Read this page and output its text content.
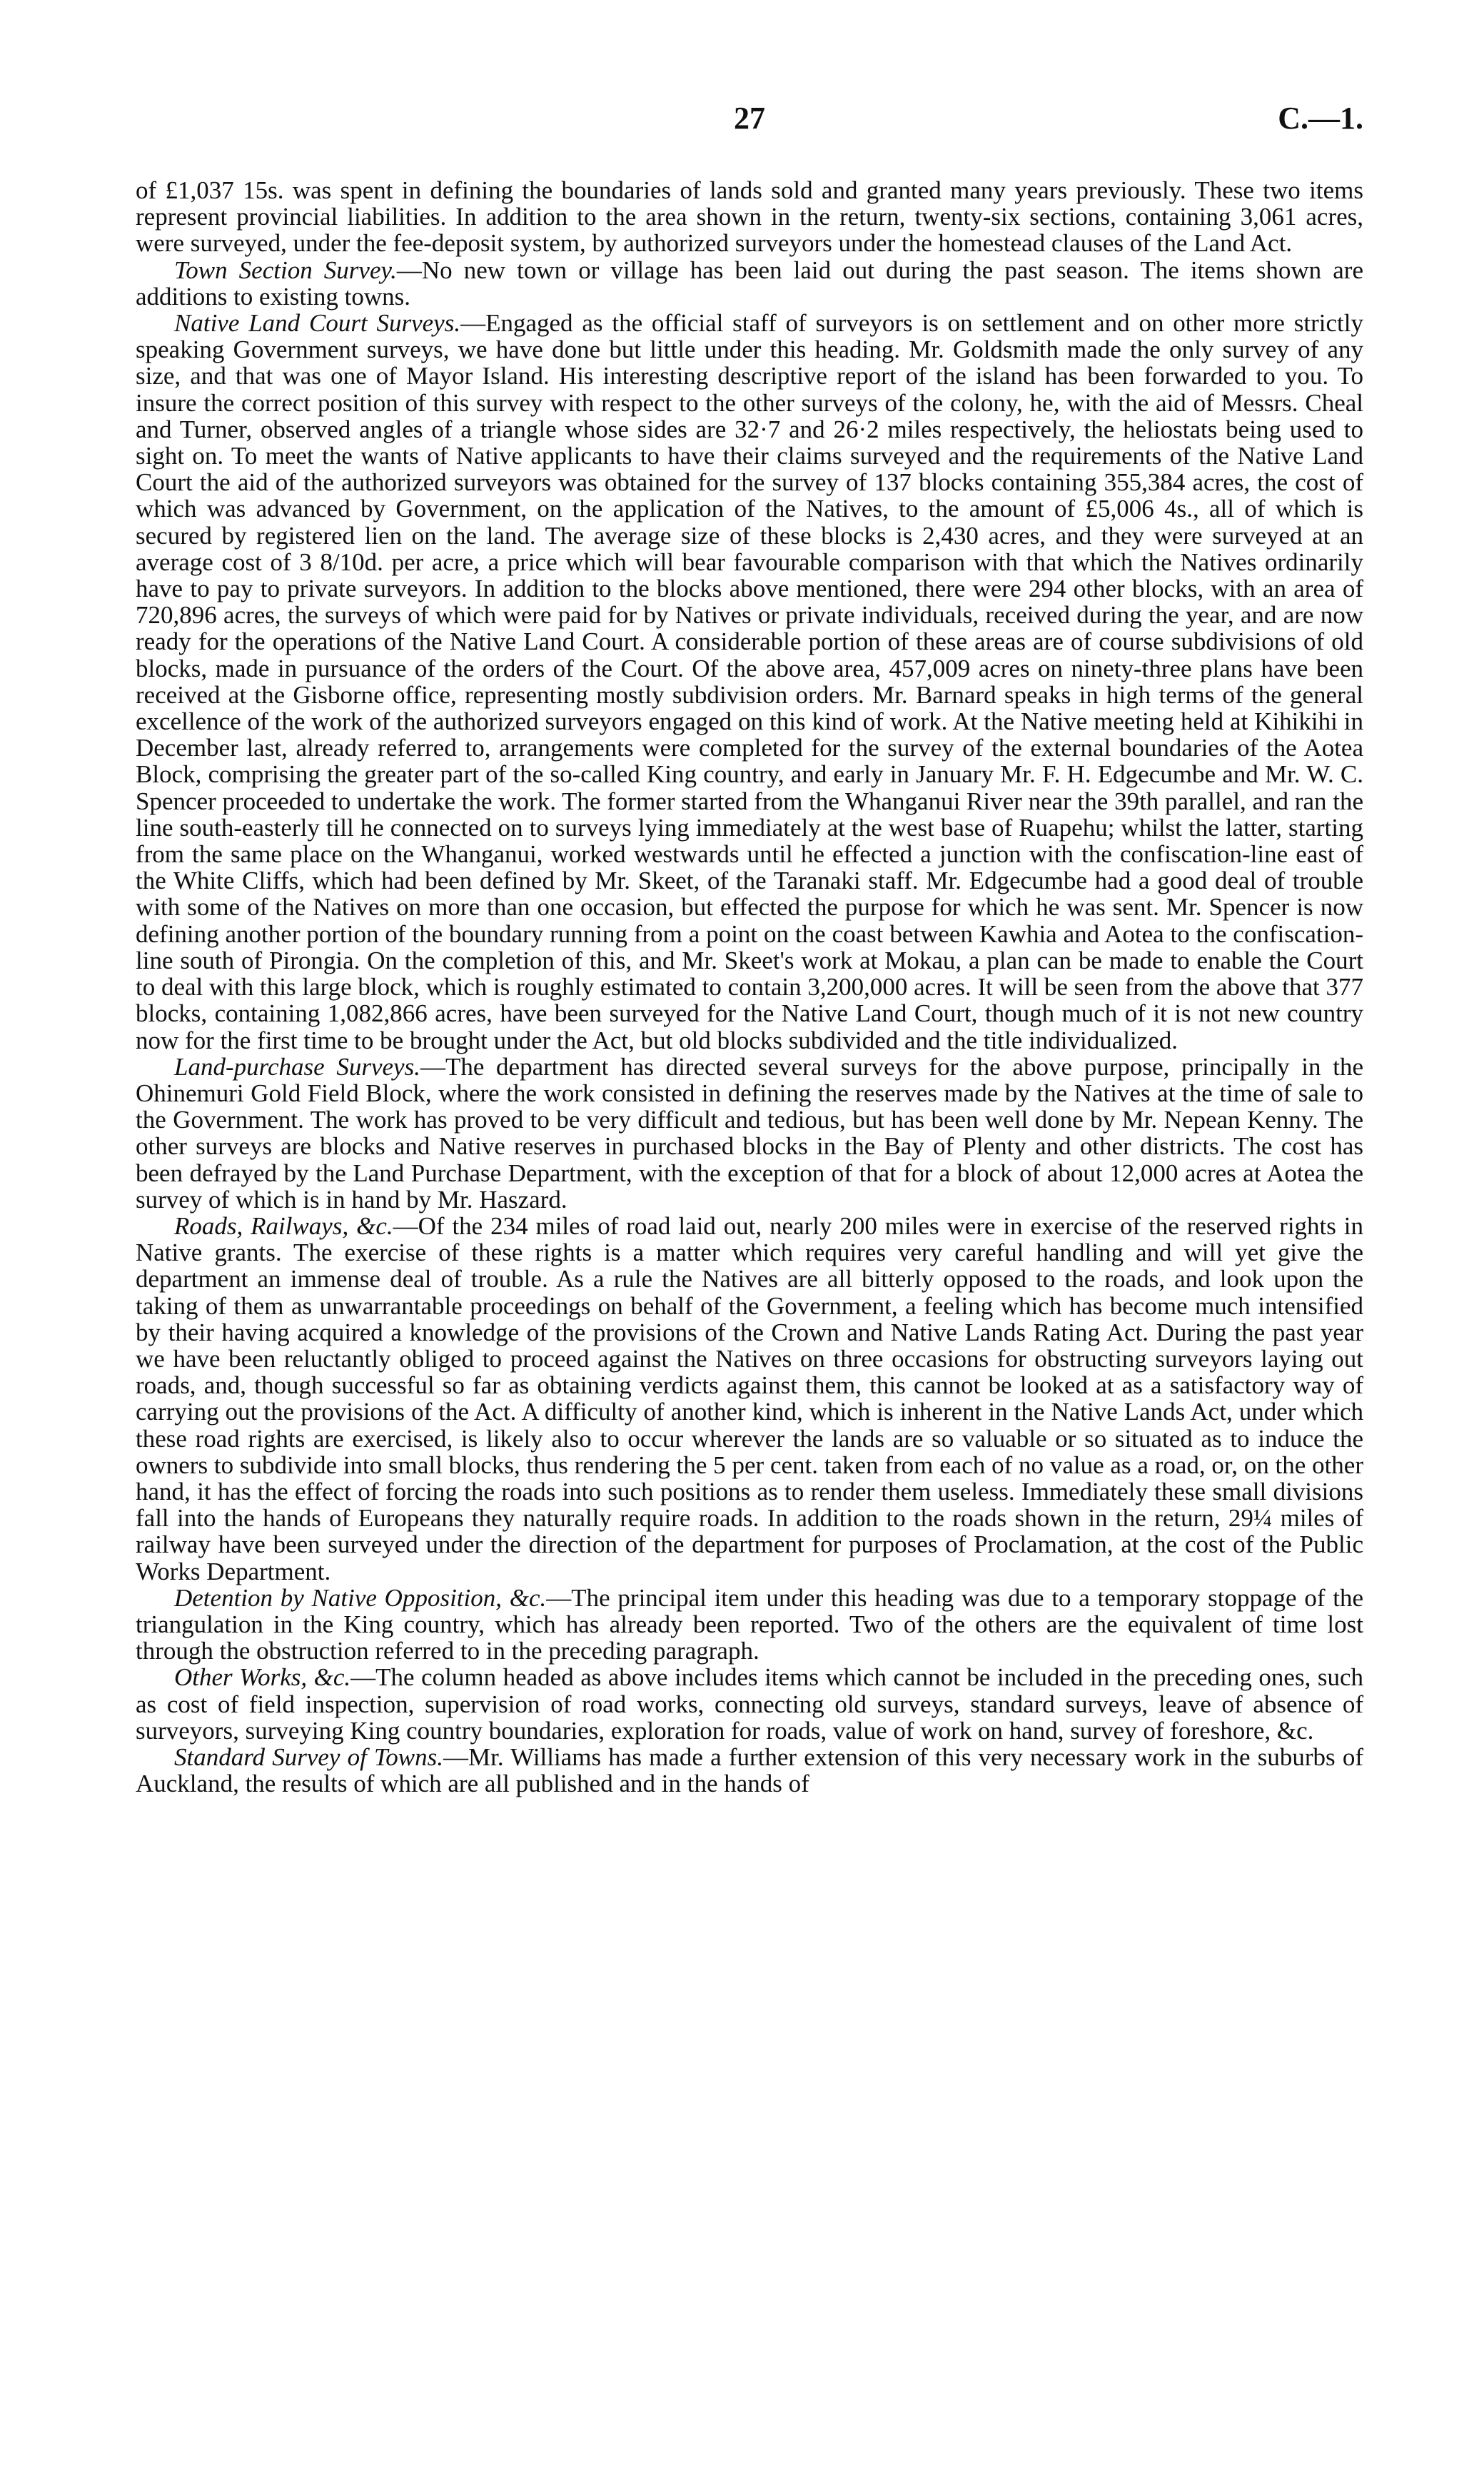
27	C.—1.

of £1,037 15s. was spent in defining the boundaries of lands sold and granted many years previously. These two items represent provincial liabilities. In addition to the area shown in the return, twenty-six sections, containing 3,061 acres, were surveyed, under the fee-deposit system, by authorized surveyors under the homestead clauses of the Land Act.

Town Section Survey.—No new town or village has been laid out during the past season. The items shown are additions to existing towns.

Native Land Court Surveys.—Engaged as the official staff of surveyors is on settlement and on other more strictly speaking Government surveys, we have done but little under this heading. Mr. Goldsmith made the only survey of any size, and that was one of Mayor Island. His interesting descriptive report of the island has been forwarded to you. To insure the correct position of this survey with respect to the other surveys of the colony, he, with the aid of Messrs. Cheal and Turner, observed angles of a triangle whose sides are 32·7 and 26·2 miles respectively, the heliostats being used to sight on. To meet the wants of Native applicants to have their claims surveyed and the requirements of the Native Land Court the aid of the authorized surveyors was obtained for the survey of 137 blocks containing 355,384 acres, the cost of which was advanced by Government, on the application of the Natives, to the amount of £5,006 4s., all of which is secured by registered lien on the land. The average size of these blocks is 2,430 acres, and they were surveyed at an average cost of 3 8/10d. per acre, a price which will bear favourable comparison with that which the Natives ordinarily have to pay to private surveyors. In addition to the blocks above mentioned, there were 294 other blocks, with an area of 720,896 acres, the surveys of which were paid for by Natives or private individuals, received during the year, and are now ready for the operations of the Native Land Court. A considerable portion of these areas are of course subdivisions of old blocks, made in pursuance of the orders of the Court. Of the above area, 457,009 acres on ninety-three plans have been received at the Gisborne office, representing mostly subdivision orders. Mr. Barnard speaks in high terms of the general excellence of the work of the authorized surveyors engaged on this kind of work. At the Native meeting held at Kihikihi in December last, already referred to, arrangements were completed for the survey of the external boundaries of the Aotea Block, comprising the greater part of the so-called King country, and early in January Mr. F. H. Edgecumbe and Mr. W. C. Spencer proceeded to undertake the work. The former started from the Whanganui River near the 39th parallel, and ran the line south-easterly till he connected on to surveys lying immediately at the west base of Ruapehu; whilst the latter, starting from the same place on the Whanganui, worked westwards until he effected a junction with the confiscation-line east of the White Cliffs, which had been defined by Mr. Skeet, of the Taranaki staff. Mr. Edgecumbe had a good deal of trouble with some of the Natives on more than one occasion, but effected the purpose for which he was sent. Mr. Spencer is now defining another portion of the boundary running from a point on the coast between Kawhia and Aotea to the confiscation-line south of Pirongia. On the completion of this, and Mr. Skeet's work at Mokau, a plan can be made to enable the Court to deal with this large block, which is roughly estimated to contain 3,200,000 acres. It will be seen from the above that 377 blocks, containing 1,082,866 acres, have been surveyed for the Native Land Court, though much of it is not new country now for the first time to be brought under the Act, but old blocks subdivided and the title individualized.

Land-purchase Surveys.—The department has directed several surveys for the above purpose, principally in the Ohinemuri Gold Field Block, where the work consisted in defining the reserves made by the Natives at the time of sale to the Government. The work has proved to be very difficult and tedious, but has been well done by Mr. Nepean Kenny. The other surveys are blocks and Native reserves in purchased blocks in the Bay of Plenty and other districts. The cost has been defrayed by the Land Purchase Department, with the exception of that for a block of about 12,000 acres at Aotea the survey of which is in hand by Mr. Haszard.

Roads, Railways, &c.—Of the 234 miles of road laid out, nearly 200 miles were in exercise of the reserved rights in Native grants. The exercise of these rights is a matter which requires very careful handling and will yet give the department an immense deal of trouble. As a rule the Natives are all bitterly opposed to the roads, and look upon the taking of them as unwarrantable proceedings on behalf of the Government, a feeling which has become much intensified by their having acquired a knowledge of the provisions of the Crown and Native Lands Rating Act. During the past year we have been reluctantly obliged to proceed against the Natives on three occasions for obstructing surveyors laying out roads, and, though successful so far as obtaining verdicts against them, this cannot be looked at as a satisfactory way of carrying out the provisions of the Act. A difficulty of another kind, which is inherent in the Native Lands Act, under which these road rights are exercised, is likely also to occur wherever the lands are so valuable or so situated as to induce the owners to subdivide into small blocks, thus rendering the 5 per cent. taken from each of no value as a road, or, on the other hand, it has the effect of forcing the roads into such positions as to render them useless. Immediately these small divisions fall into the hands of Europeans they naturally require roads. In addition to the roads shown in the return, 29¼ miles of railway have been surveyed under the direction of the department for purposes of Proclamation, at the cost of the Public Works Department.

Detention by Native Opposition, &c.—The principal item under this heading was due to a temporary stoppage of the triangulation in the King country, which has already been reported. Two of the others are the equivalent of time lost through the obstruction referred to in the preceding paragraph.

Other Works, &c.—The column headed as above includes items which cannot be included in the preceding ones, such as cost of field inspection, supervision of road works, connecting old surveys, standard surveys, leave of absence of surveyors, surveying King country boundaries, exploration for roads, value of work on hand, survey of foreshore, &c.

Standard Survey of Towns.—Mr. Williams has made a further extension of this very necessary work in the suburbs of Auckland, the results of which are all published and in the hands of
